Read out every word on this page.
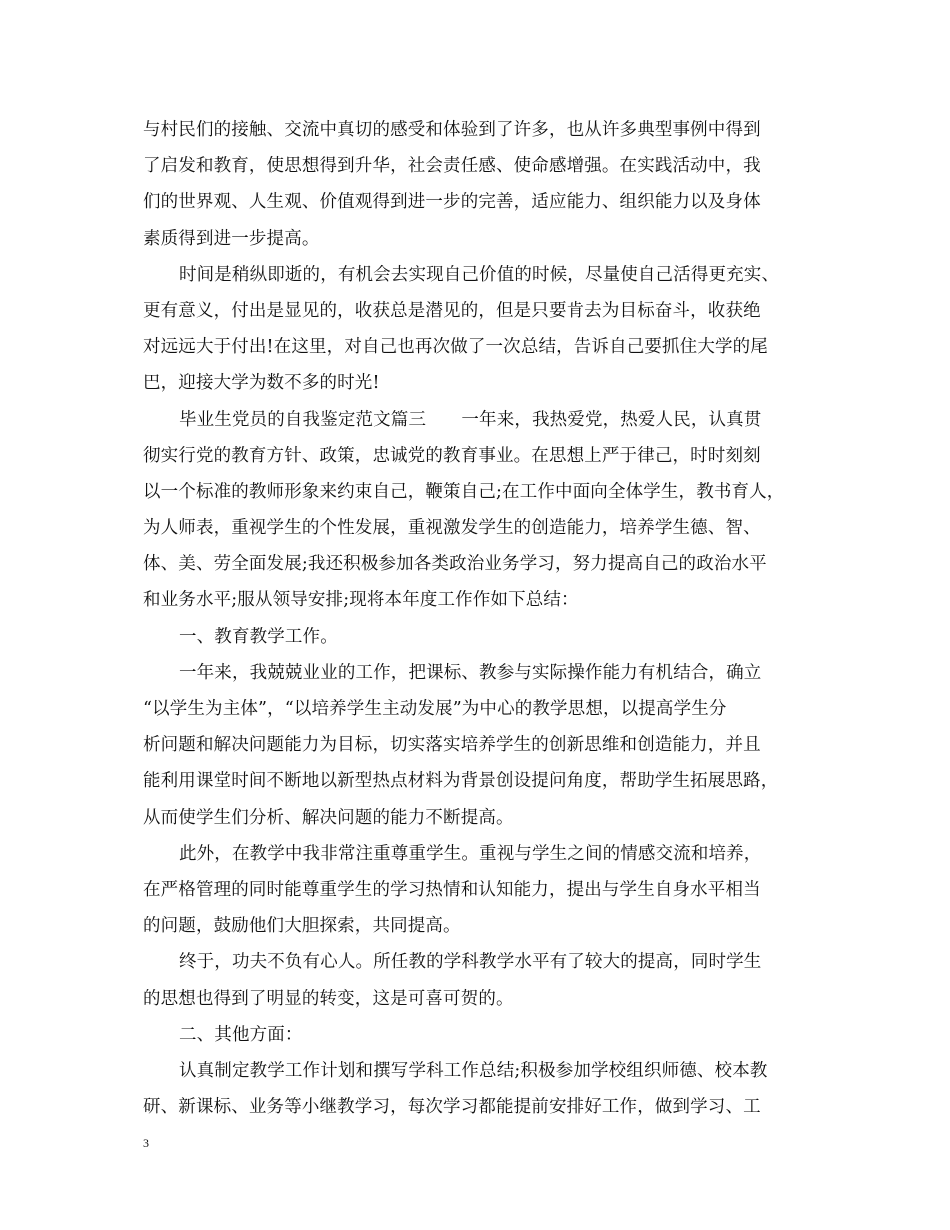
与村民们的接触、交流中真切的感受和体验到了许多，也从许多典型事例中得到
了启发和教育，使思想得到升华，社会责任感、使命感增强。在实践活动中，我
们的世界观、人生观、价值观得到进一步的完善，适应能力、组织能力以及身体
素质得到进一步提高。
时间是稍纵即逝的，有机会去实现自己价值的时候，尽量使自己活得更充实、
更有意义，付出是显见的，收获总是潜见的，但是只要肯去为目标奋斗，收获绝
对远远大于付出!在这里，对自己也再次做了一次总结，告诉自己要抓住大学的尾
巴，迎接大学为数不多的时光!
毕业生党员的自我鉴定范文篇三　　一年来，我热爱党，热爱人民，认真贯
彻实行党的教育方针、政策，忠诚党的教育事业。在思想上严于律己，时时刻刻
以一个标准的教师形象来约束自己，鞭策自己;在工作中面向全体学生，教书育人，
为人师表，重视学生的个性发展，重视激发学生的创造能力，培养学生德、智、
体、美、劳全面发展;我还积极参加各类政治业务学习，努力提高自己的政治水平
和业务水平;服从领导安排;现将本年度工作作如下总结：
一、教育教学工作。
一年来，我兢兢业业的工作，把课标、教参与实际操作能力有机结合，确立
“以学生为主体”，“以培养学生主动发展”为中心的教学思想，以提高学生分
析问题和解决问题能力为目标，切实落实培养学生的创新思维和创造能力，并且
能利用课堂时间不断地以新型热点材料为背景创设提问角度，帮助学生拓展思路，
从而使学生们分析、解决问题的能力不断提高。
此外，在教学中我非常注重尊重学生。重视与学生之间的情感交流和培养，
在严格管理的同时能尊重学生的学习热情和认知能力，提出与学生自身水平相当
的问题，鼓励他们大胆探索，共同提高。
终于，功夫不负有心人。所任教的学科教学水平有了较大的提高，同时学生
的思想也得到了明显的转变，这是可喜可贺的。
二、其他方面：
认真制定教学工作计划和撰写学科工作总结;积极参加学校组织师德、校本教
研、新课标、业务等小继教学习，每次学习都能提前安排好工作，做到学习、工
3
